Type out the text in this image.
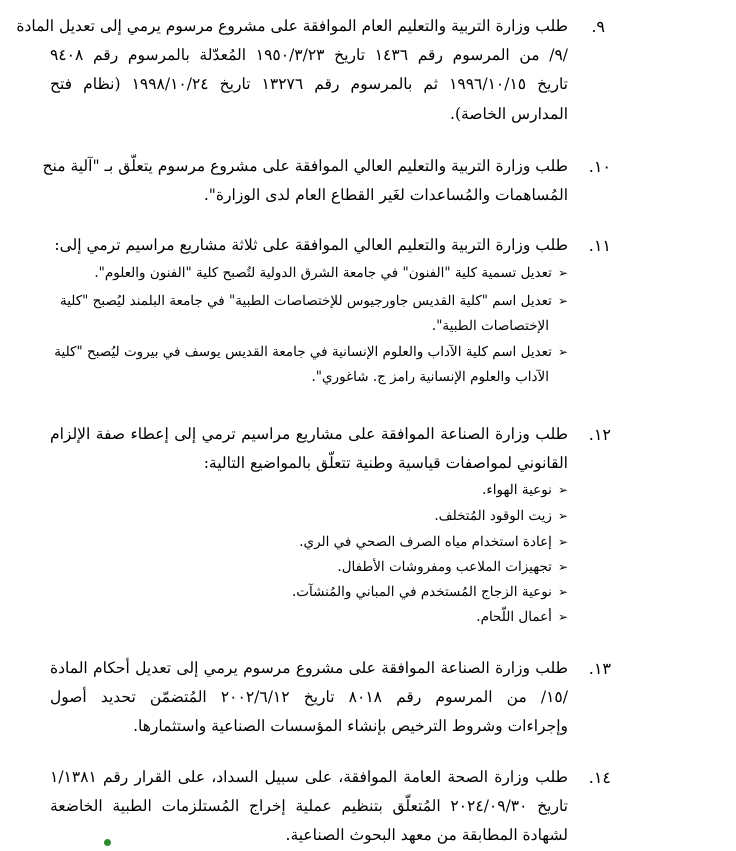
٩.
طلب وزارة التربية والتعليم العام الموافقة على مشروع مرسوم يرمي إلى تعديل المادة
/٩/ من المرسوم رقم ١٤٣٦ تاريخ ١٩٥٠/٣/٢٣ المُعدّلة بالمرسوم رقم ٩٤٠٨
تاريخ ١٩٩٦/١٠/١٥ ثم بالمرسوم رقم ١٣٢٧٦ تاريخ ١٩٩٨/١٠/٢٤ (نظام فتح
المدارس الخاصة).
١٠.
طلب وزارة التربية والتعليم العالي الموافقة على مشروع مرسوم يتعلّق بـ "آلية منح
المُساهمات والمُساعدات لغَير القطاع العام لدى الوزارة".
١١.
طلب وزارة التربية والتعليم العالي الموافقة على ثلاثة مشاريع مراسيم ترمي إلى:
➢تعديل تسمية كلية "الفنون" في جامعة الشرق الدولية لتُصبح كلية "الفنون والعلوم".
➢تعديل اسم "كلية القديس جاورجيوس للإختصاصات الطبية" في جامعة البلمند ليُصبح "كلية
الإختصاصات الطبية".
➢تعديل اسم كلية الآداب والعلوم الإنسانية في جامعة القديس يوسف في بيروت ليُصبح "كلية
الآداب والعلوم الإنسانية رامز ج. شاغوري".
١٢.
طلب وزارة الصناعة الموافقة على مشاريع مراسيم ترمي إلى إعطاء صفة الإلزام
القانوني لمواصفات قياسية وطنية تتعلّق بالمواضيع التالية:
➢نوعية الهواء.
➢زيت الوقود المُتخلف.
➢إعادة استخدام مياه الصرف الصحي في الري.
➢تجهيزات الملاعب ومفروشات الأطفال.
➢نوعية الزجاج المُستخدم في المباني والمُنشآت.
➢أعمال اللّحام.
١٣.
طلب وزارة الصناعة الموافقة على مشروع مرسوم يرمي إلى تعديل أحكام المادة
/١٥/ من المرسوم رقم ٨٠١٨ تاريخ ٢٠٠٢/٦/١٢ المُتضمّن تحديد أصول
وإجراءات وشروط الترخيص بإنشاء المؤسسات الصناعية واستثمارها.
١٤.
طلب وزارة الصحة العامة الموافقة، على سبيل السداد، على القرار رقم ١/١٣٨١
تاريخ ٢٠٢٤/٠٩/٣٠ المُتعلّق بتنظيم عملية إخراج المُستلزمات الطبية الخاضعة
لشهادة المطابقة من معهد البحوث الصناعية.
